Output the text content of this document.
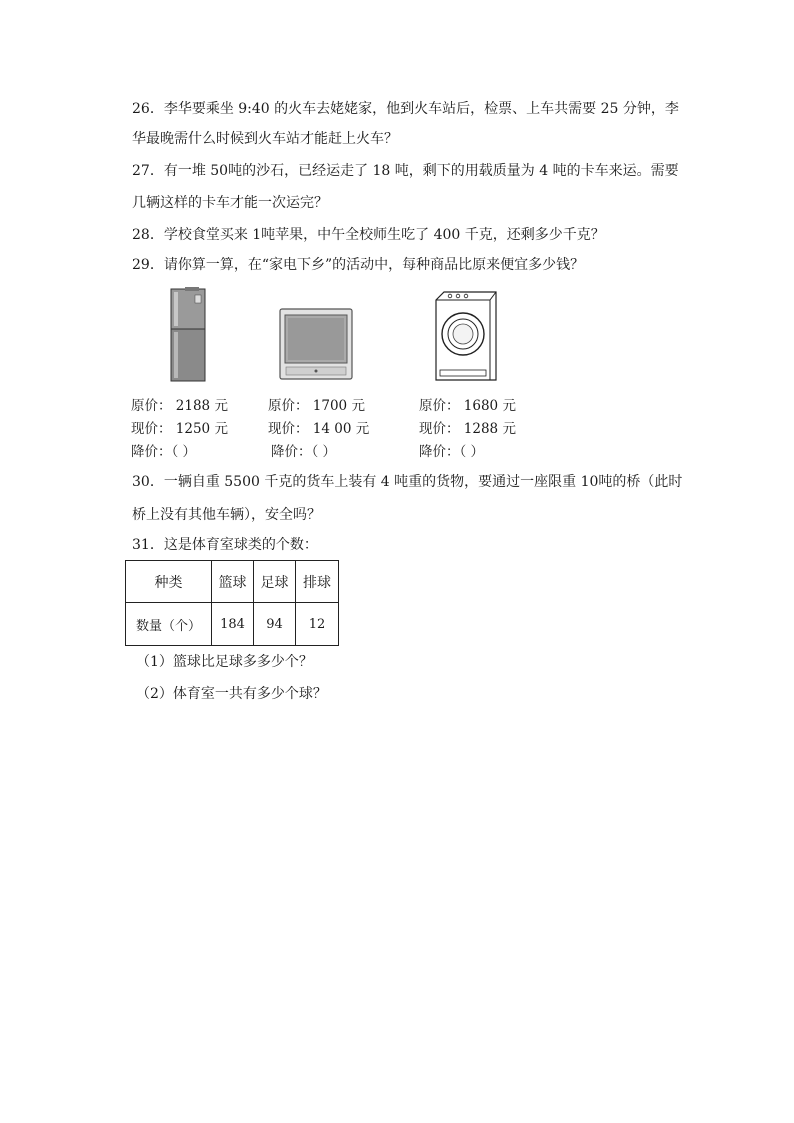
26．李华要乘坐 9:40 的火车去姥姥家，他到火车站后，检票、上车共需要 25 分钟，李
华最晚需什么时候到火车站才能赶上火车？
27．有一堆 50吨的沙石，已经运走了 18 吨，剩下的用载质量为 4 吨的卡车来运。需要
几辆这样的卡车才能一次运完？
28．学校食堂买来 1吨苹果，中午全校师生吃了 400 千克，还剩多少千克？
29．请你算一算，在“家电下乡”的活动中，每种商品比原来便宜多少钱？
原价： 2188 元
现价： 1250 元
降价：（ ）
原价： 1700 元
现价： 14 00 元
降价：（ ）
原价： 1680 元
现价： 1288 元
降价：（ ）
30．一辆自重 5500 千克的货车上装有 4 吨重的货物，要通过一座限重 10吨的桥（此时
桥上没有其他车辆），安全吗？
31．这是体育室球类的个数：
种类	篮球	足球	排球
数量（个）	184	94	12
（1）篮球比足球多多少个？
（2）体育室一共有多少个球？
